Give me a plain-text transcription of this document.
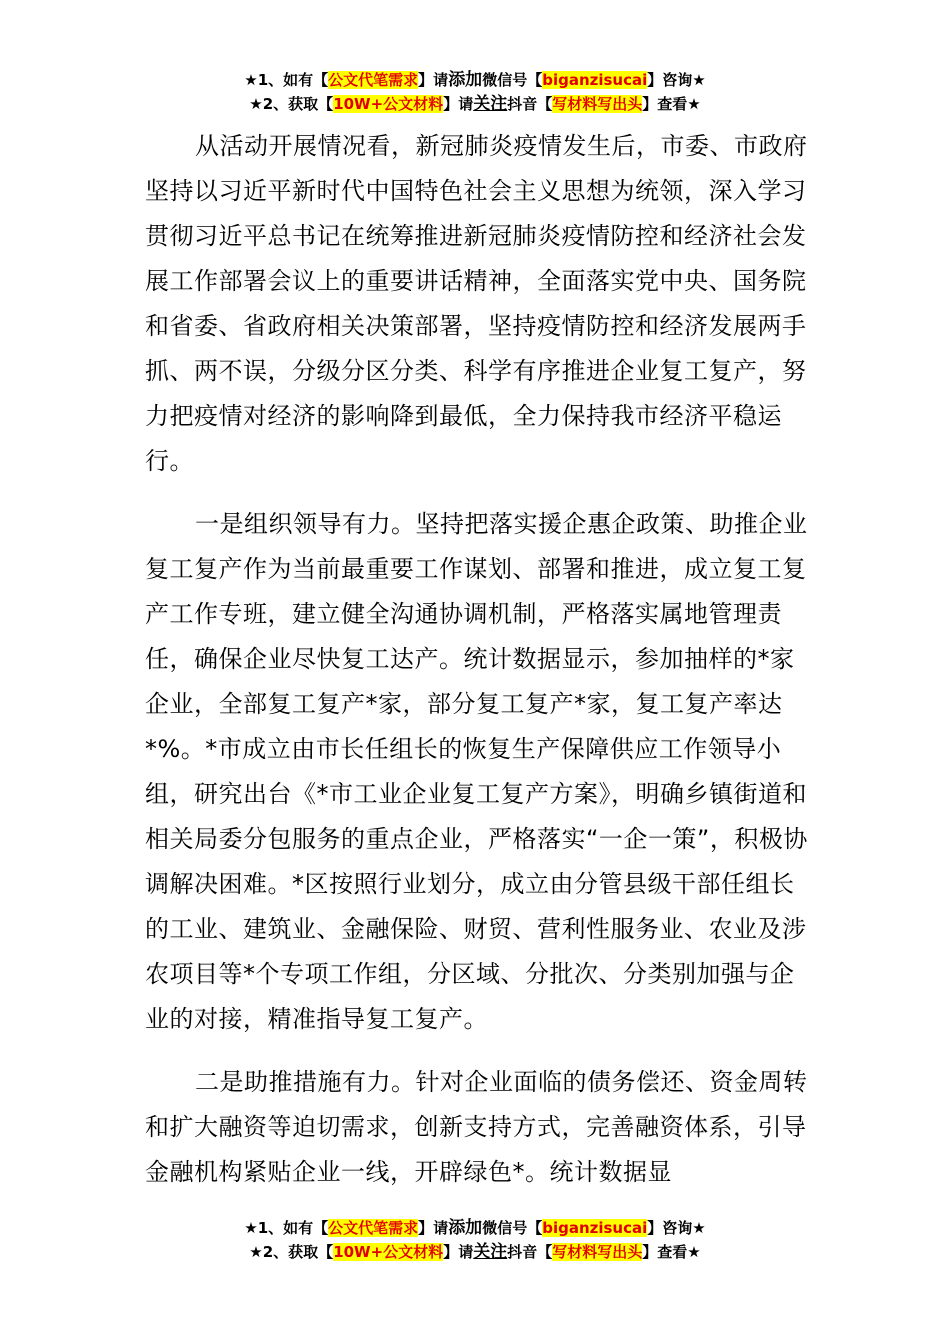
★1、如有【公文代笔需求】请添加微信号【biganzisucai】咨询★
★2、获取【10W+公文材料】请关注抖音【写材料写出头】查看★

从活动开展情况看，新冠肺炎疫情发生后，市委、市政府坚持以习近平新时代中国特色社会主义思想为统领，深入学习贯彻习近平总书记在统筹推进新冠肺炎疫情防控和经济社会发展工作部署会议上的重要讲话精神，全面落实党中央、国务院和省委、省政府相关决策部署，坚持疫情防控和经济发展两手抓、两不误，分级分区分类、科学有序推进企业复工复产，努力把疫情对经济的影响降到最低，全力保持我市经济平稳运行。

一是组织领导有力。坚持把落实援企惠企政策、助推企业复工复产作为当前最重要工作谋划、部署和推进，成立复工复产工作专班，建立健全沟通协调机制，严格落实属地管理责任，确保企业尽快复工达产。统计数据显示，参加抽样的*家企业，全部复工复产*家，部分复工复产*家，复工复产率达*%。*市成立由市长任组长的恢复生产保障供应工作领导小组，研究出台《*市工业企业复工复产方案》，明确乡镇街道和相关局委分包服务的重点企业，严格落实“一企一策”，积极协调解决困难。*区按照行业划分，成立由分管县级干部任组长的工业、建筑业、金融保险、财贸、营利性服务业、农业及涉农项目等*个专项工作组，分区域、分批次、分类别加强与企业的对接，精准指导复工复产。

二是助推措施有力。针对企业面临的债务偿还、资金周转和扩大融资等迫切需求，创新支持方式，完善融资体系，引导金融机构紧贴企业一线，开辟绿色*。统计数据显

★1、如有【公文代笔需求】请添加微信号【biganzisucai】咨询★
★2、获取【10W+公文材料】请关注抖音【写材料写出头】查看★
